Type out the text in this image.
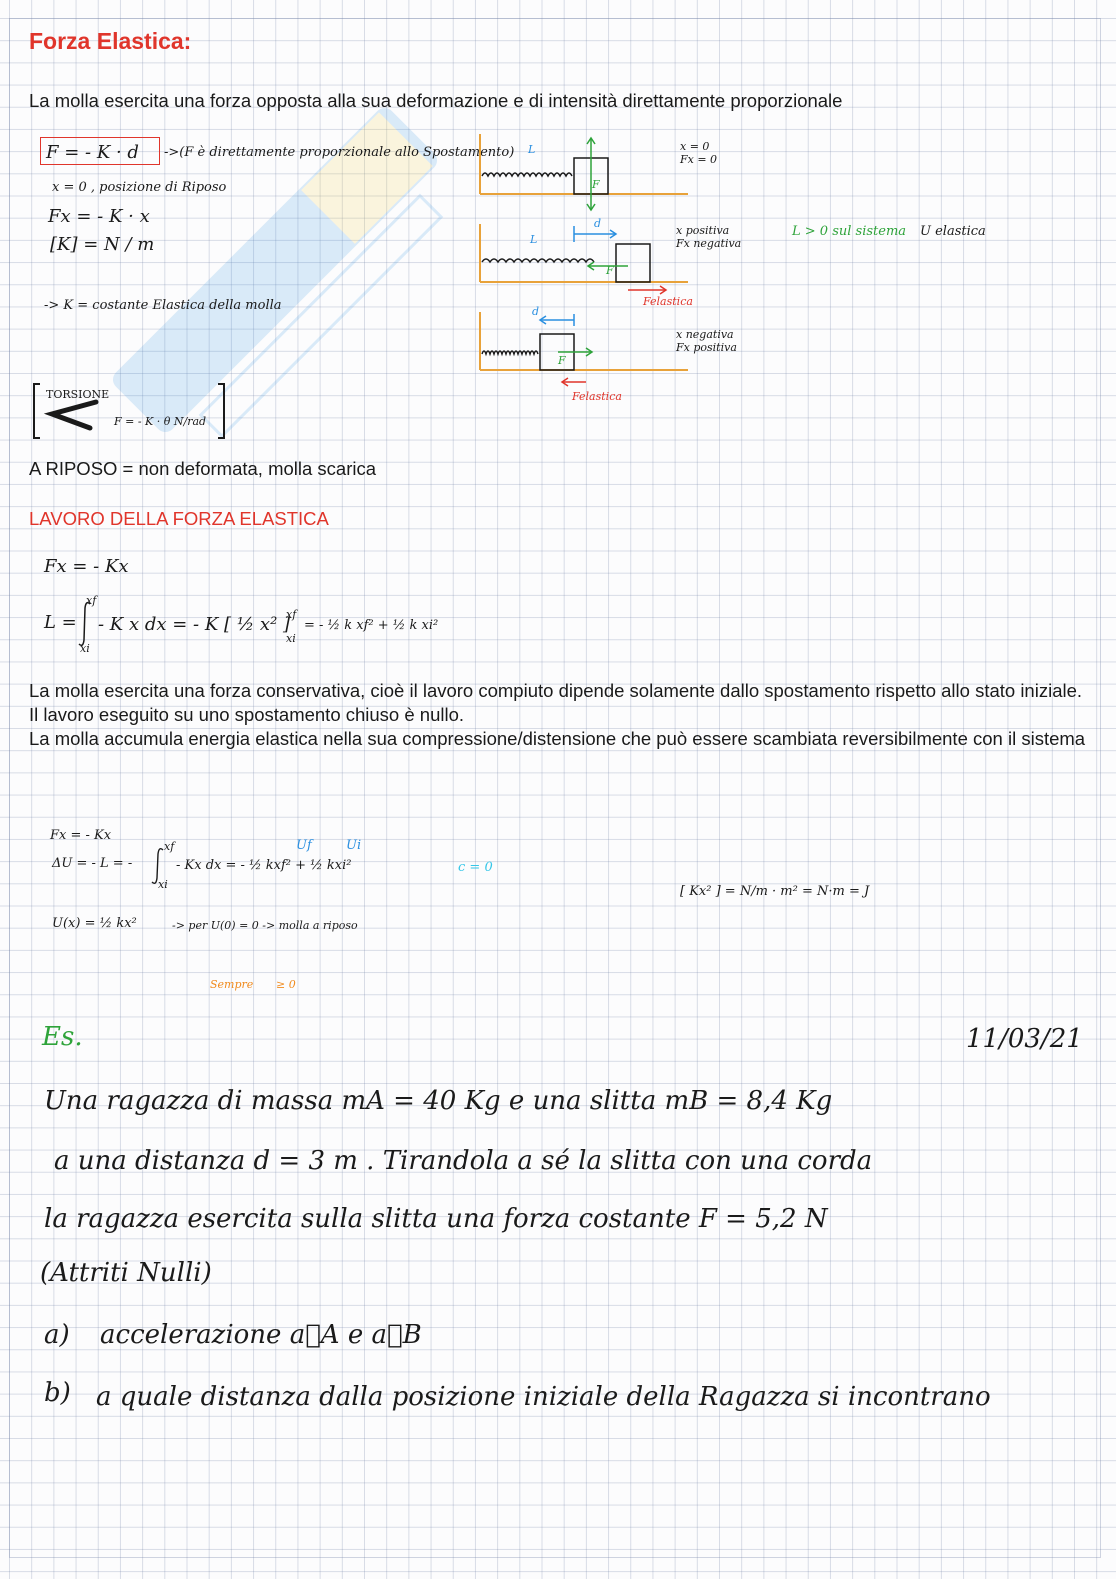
Forza Elastica:
La molla esercita una forza opposta alla sua deformazione e di intensità direttamente proporzionale
F = - K · d ->(F è direttamente proporzionale allo Spostamento)
x = 0 , posizione di Riposo
Fx = - K · x
[K] = N / m
-> K = costante Elastica della molla
TORSIONE
F = - K · θ N/rad
L
F
L
d
F
d
F
Felastica
Felastica
x = 0
Fx = 0
x positiva
Fx negativa
x negativa
Fx positiva
L > 0 sul sistema U elastica
A RIPOSO = non deformata, molla scarica
LAVORO DELLA FORZA ELASTICA
Fx = - Kx
L =
xf
xi
- K x dx = - K [ ½ x² ]
xf
xi
= - ½ k xf² + ½ k xi²

La molla esercita una forza conservativa, cioè il lavoro compiuto dipende solamente dallo spostamento rispetto allo stato iniziale.

Il lavoro eseguito su uno spostamento chiuso è nullo.

La molla accumula energia elastica nella sua compressione/distensione che può essere scambiata reversibilmente con il sistema

Fx = - Kx
Uf	Ui
ΔU = - L = -
xf
xi
- Kx dx = - ½ kxf² + ½ kxi²	c = 0
U(x) = ½ kx²	-> per U(0) = 0 -> molla a riposo
[ Kx² ] = N/m · m² = N·m = J
Sempre ≥ 0
Es.	11/03/21
Una ragazza di massa mA = 40 Kg e una slitta mB = 8,4 Kg
a una distanza d = 3 m . Tirandola a sé la slitta con una corda
la ragazza esercita sulla slitta una forza costante F = 5,2 N
(Attriti Nulli)
a) accelerazione a⃗A e a⃗B
b) a quale distanza dalla posizione iniziale della Ragazza si incontrano
